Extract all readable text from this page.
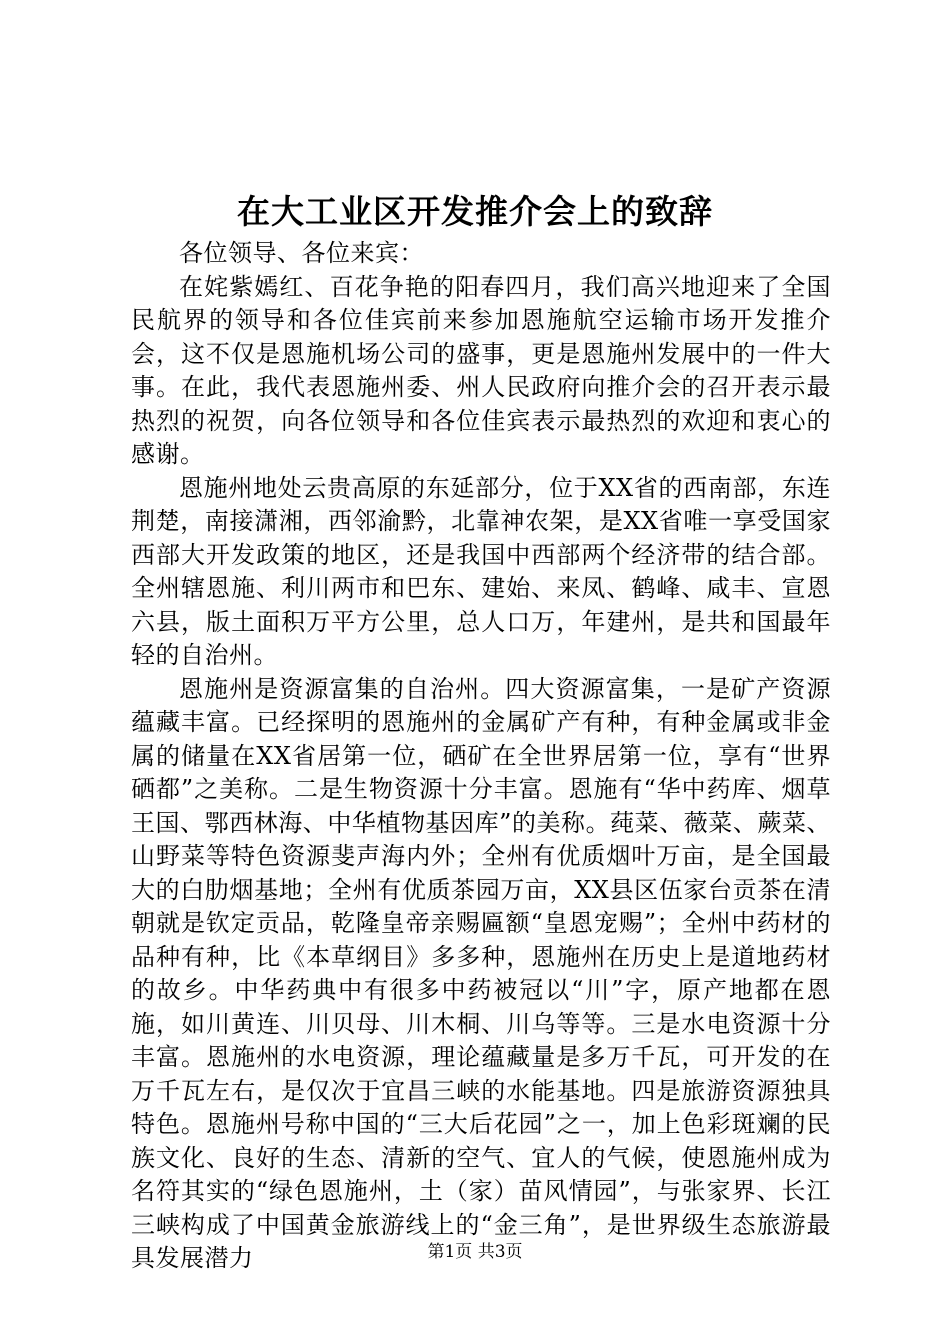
在大工业区开发推介会上的致辞

各位领导、各位来宾：

在姹紫嫣红、百花争艳的阳春四月，我们高兴地迎来了全国民航界的领导和各位佳宾前来参加恩施航空运输市场开发推介会，这不仅是恩施机场公司的盛事，更是恩施州发展中的一件大事。在此，我代表恩施州委、州人民政府向推介会的召开表示最热烈的祝贺，向各位领导和各位佳宾表示最热烈的欢迎和衷心的感谢。

恩施州地处云贵高原的东延部分，位于XX省的西南部，东连荆楚，南接潇湘，西邻渝黔，北靠神农架，是XX省唯一享受国家西部大开发政策的地区，还是我国中西部两个经济带的结合部。全州辖恩施、利川两市和巴东、建始、来凤、鹤峰、咸丰、宣恩六县，版土面积万平方公里，总人口万，年建州，是共和国最年轻的自治州。

恩施州是资源富集的自治州。四大资源富集，一是矿产资源蕴藏丰富。已经探明的恩施州的金属矿产有种，有种金属或非金属的储量在XX省居第一位，硒矿在全世界居第一位，享有“世界硒都”之美称。二是生物资源十分丰富。恩施有“华中药库、烟草王国、鄂西林海、中华植物基因库”的美称。莼菜、薇菜、蕨菜、山野菜等特色资源斐声海内外；全州有优质烟叶万亩，是全国最大的白肋烟基地；全州有优质茶园万亩，XX县区伍家台贡茶在清朝就是钦定贡品，乾隆皇帝亲赐匾额“皇恩宠赐”；全州中药材的品种有种，比《本草纲目》多多种，恩施州在历史上是道地药材的故乡。中华药典中有很多中药被冠以“川”字，原产地都在恩施，如川黄连、川贝母、川木桐、川乌等等。三是水电资源十分丰富。恩施州的水电资源，理论蕴藏量是多万千瓦，可开发的在万千瓦左右，是仅次于宜昌三峡的水能基地。四是旅游资源独具特色。恩施州号称中国的“三大后花园”之一，加上色彩斑斓的民族文化、良好的生态、清新的空气、宜人的气候，使恩施州成为名符其实的“绿色恩施州，土（家）苗风情园”，与张家界、长江三峡构成了中国黄金旅游线上的“金三角”，是世界级生态旅游最具发展潜力	第1页 共3页
